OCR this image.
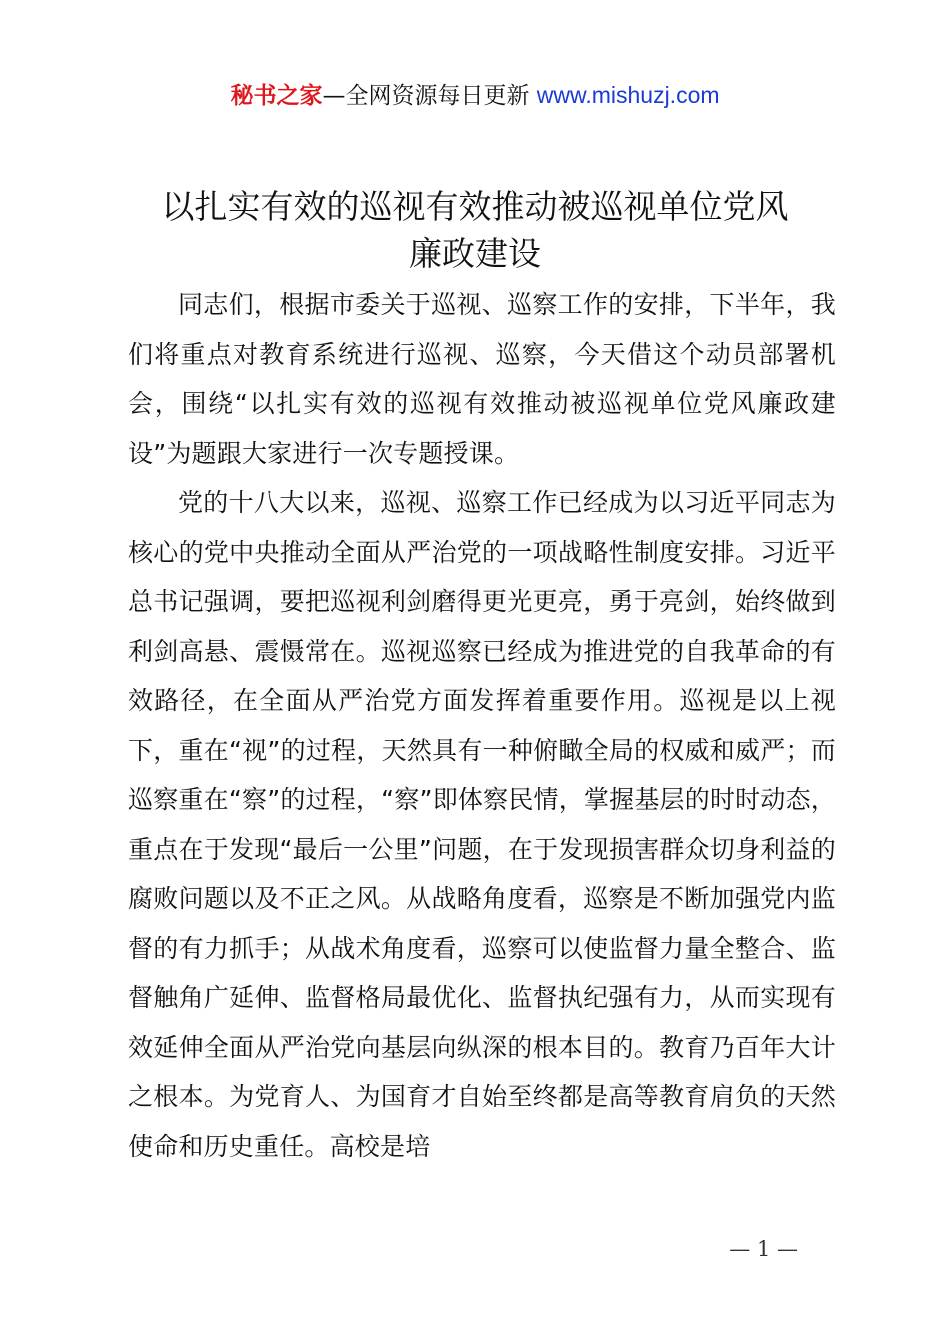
秘书之家—全网资源每日更新 www.mishuzj.com
以扎实有效的巡视有效推动被巡视单位党风
廉政建设

同志们，根据市委关于巡视、巡察工作的安排，下半年，我们将重点对教育系统进行巡视、巡察，今天借这个动员部署机会，围绕“以扎实有效的巡视有效推动被巡视单位党风廉政建设”为题跟大家进行一次专题授课。

党的十八大以来，巡视、巡察工作已经成为以习近平同志为核心的党中央推动全面从严治党的一项战略性制度安排。习近平总书记强调，要把巡视利剑磨得更光更亮，勇于亮剑，始终做到利剑高悬、震慑常在。巡视巡察已经成为推进党的自我革命的有效路径，在全面从严治党方面发挥着重要作用。巡视是以上视下，重在“视”的过程，天然具有一种俯瞰全局的权威和威严；而巡察重在“察”的过程，“察”即体察民情，掌握基层的时时动态，重点在于发现“最后一公里”问题，在于发现损害群众切身利益的腐败问题以及不正之风。从战略角度看，巡察是不断加强党内监督的有力抓手；从战术角度看，巡察可以使监督力量全整合、监督触角广延伸、监督格局最优化、监督执纪强有力，从而实现有效延伸全面从严治党向基层向纵深的根本目的。教育乃百年大计之根本。为党育人、为国育才自始至终都是高等教育肩负的天然使命和历史重任。高校是培

— 1 —
